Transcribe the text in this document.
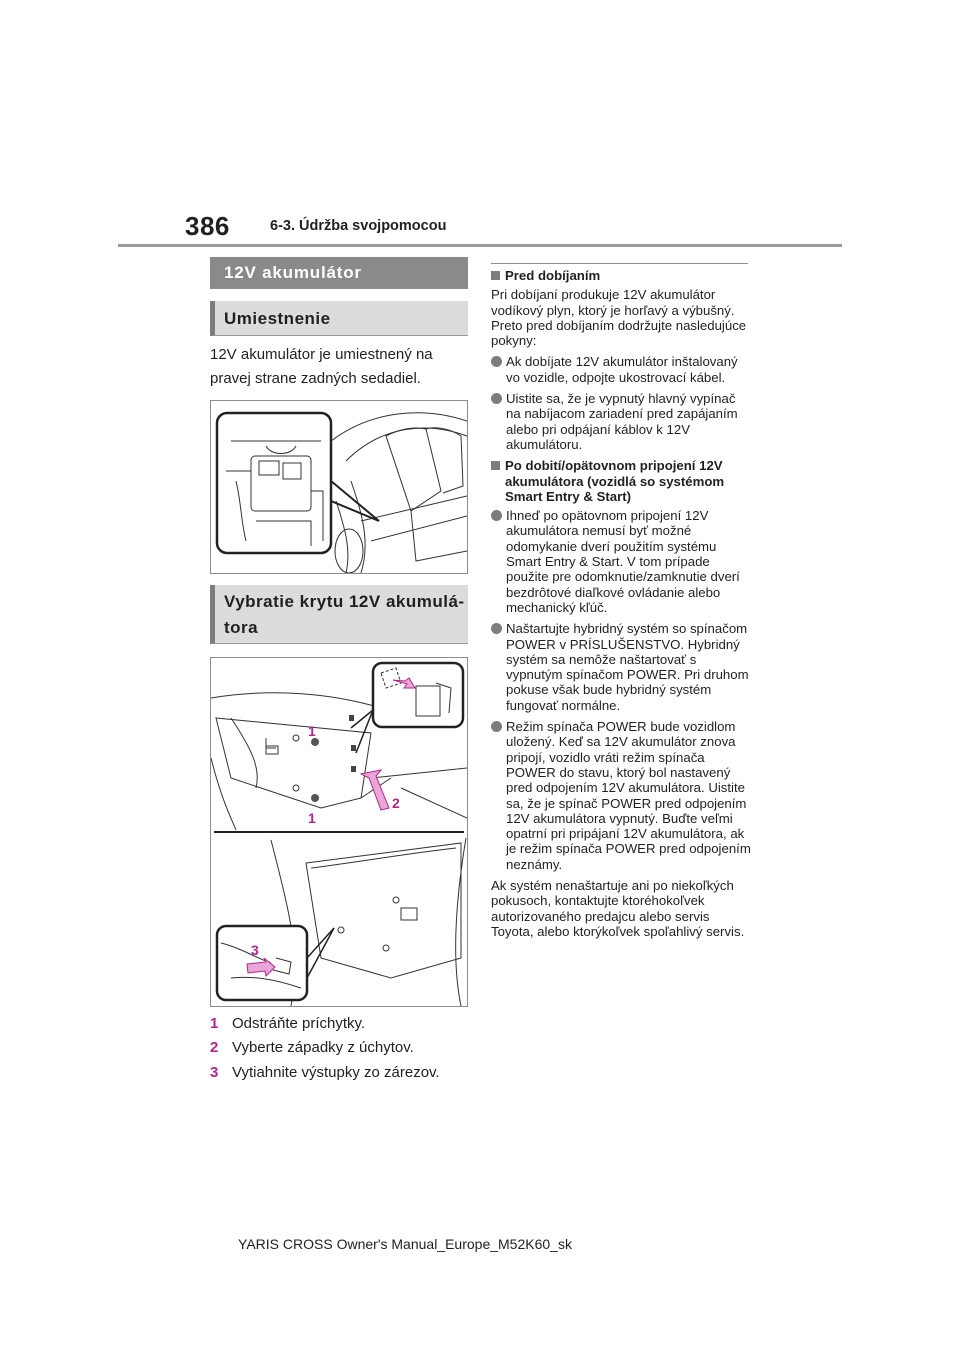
386	6-3. Údržba svojpomocou
12V akumulátor
Umiestnenie
12V akumulátor je umiestnený na pravej strane zadných sedadiel.
Vybratie krytu 12V akumulá-
tora
1
1
2
3
1 Odstráňte príchytky.
2 Vyberte západky z úchytov.
3 Vytiahnite výstupky zo zárezov.
Pred dobíjaním

Pri dobíjaní produkuje 12V akumulátor vodíkový plyn, ktorý je horľavý a výbušný. Preto pred dobíjaním dodržujte nasledujúce pokyny:

Ak dobíjate 12V akumulátor inštalovaný vo vozidle, odpojte ukostrovací kábel.
Uistite sa, že je vypnutý hlavný vypínač na nabíjacom zariadení pred zapájaním alebo pri odpájaní káblov k 12V akumulátoru.
Po dobití/opätovnom pripojení 12V akumulátora (vozidlá so systémom Smart Entry & Start)
Ihneď po opätovnom pripojení 12V akumulátora nemusí byť možné odomykanie dverí použitím systému Smart Entry & Start. V tom prípade použite pre odomknutie/zamknutie dverí bezdrôtové diaľkové ovládanie alebo mechanický kľúč.
Naštartujte hybridný systém so spínačom POWER v PRÍSLUŠENSTVO. Hybridný systém sa nemôže naštartovať s vypnutým spínačom POWER. Pri druhom pokuse však bude hybridný systém fungovať normálne.
Režim spínača POWER bude vozidlom uložený. Keď sa 12V akumulátor znova pripojí, vozidlo vráti režim spínača POWER do stavu, ktorý bol nastavený pred odpojením 12V akumulátora. Uistite sa, že je spínač POWER pred odpojením 12V akumulátora vypnutý. Buďte veľmi opatrní pri pripájaní 12V akumulátora, ak je režim spínača POWER pred odpojením neznámy.

Ak systém nenaštartuje ani po niekoľkých pokusoch, kontaktujte ktoréhokoľvek autorizovaného predajcu alebo servis Toyota, alebo ktorýkoľvek spoľahlivý servis.

YARIS CROSS Owner's Manual_Europe_M52K60_sk
